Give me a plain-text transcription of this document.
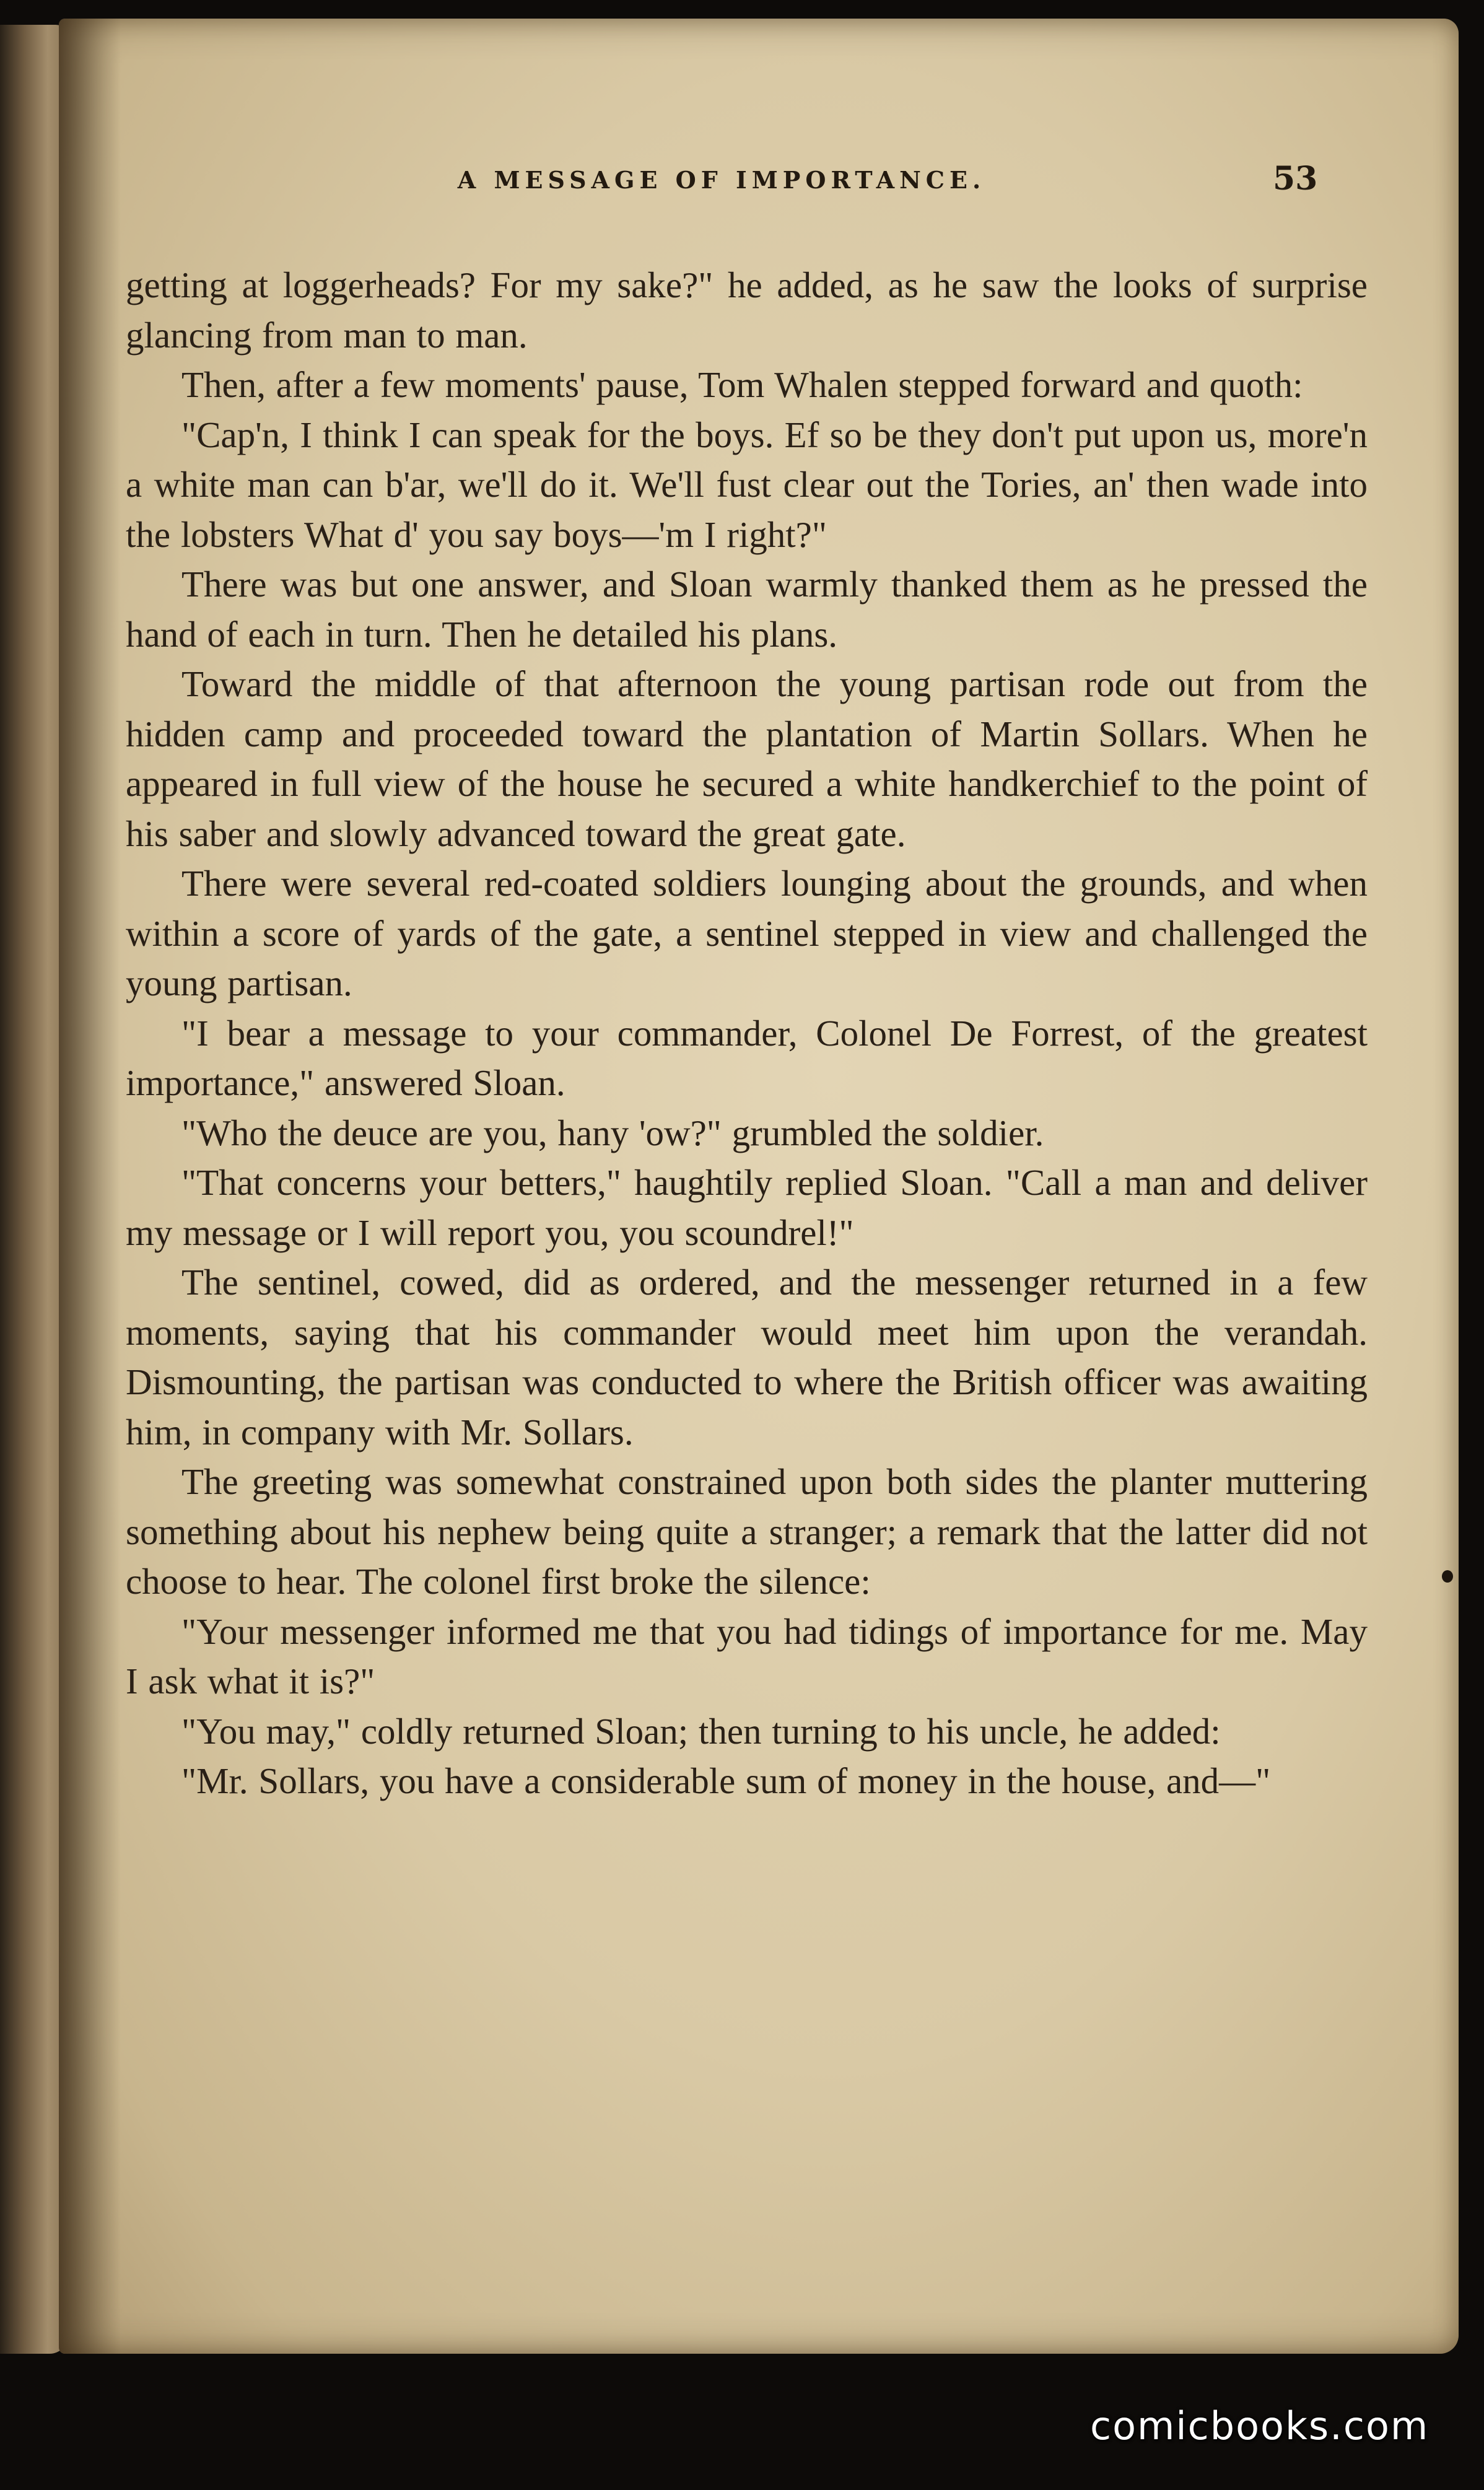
A MESSAGE OF IMPORTANCE.	53

getting at loggerheads? For my sake?" he added, as he saw the looks of surprise glancing from man to man.

Then, after a few moments' pause, Tom Whalen stepped forward and quoth:

"Cap'n, I think I can speak for the boys. Ef so be they don't put upon us, more'n a white man can b'ar, we'll do it. We'll fust clear out the Tories, an' then wade into the lobsters What d' you say boys—'m I right?"

There was but one answer, and Sloan warmly thanked them as he pressed the hand of each in turn. Then he detailed his plans.

Toward the middle of that afternoon the young partisan rode out from the hidden camp and proceeded toward the plantation of Martin Sollars. When he appeared in full view of the house he secured a white handkerchief to the point of his saber and slowly advanced toward the great gate.

There were several red-coated soldiers lounging about the grounds, and when within a score of yards of the gate, a sentinel stepped in view and challenged the young partisan.

"I bear a message to your commander, Colonel De Forrest, of the greatest importance," answered Sloan.

"Who the deuce are you, hany 'ow?" grumbled the soldier.

"That concerns your betters," haughtily replied Sloan. "Call a man and deliver my message or I will report you, you scoundrel!"

The sentinel, cowed, did as ordered, and the messenger returned in a few moments, saying that his commander would meet him upon the verandah. Dismounting, the partisan was conducted to where the British officer was awaiting him, in company with Mr. Sollars.

The greeting was somewhat constrained upon both sides the planter muttering something about his nephew being quite a stranger; a remark that the latter did not choose to hear. The colonel first broke the silence:

"Your messenger informed me that you had tidings of importance for me. May I ask what it is?"

"You may," coldly returned Sloan; then turning to his uncle, he added:

"Mr. Sollars, you have a considerable sum of money in the house, and—"

comicbooks.com
